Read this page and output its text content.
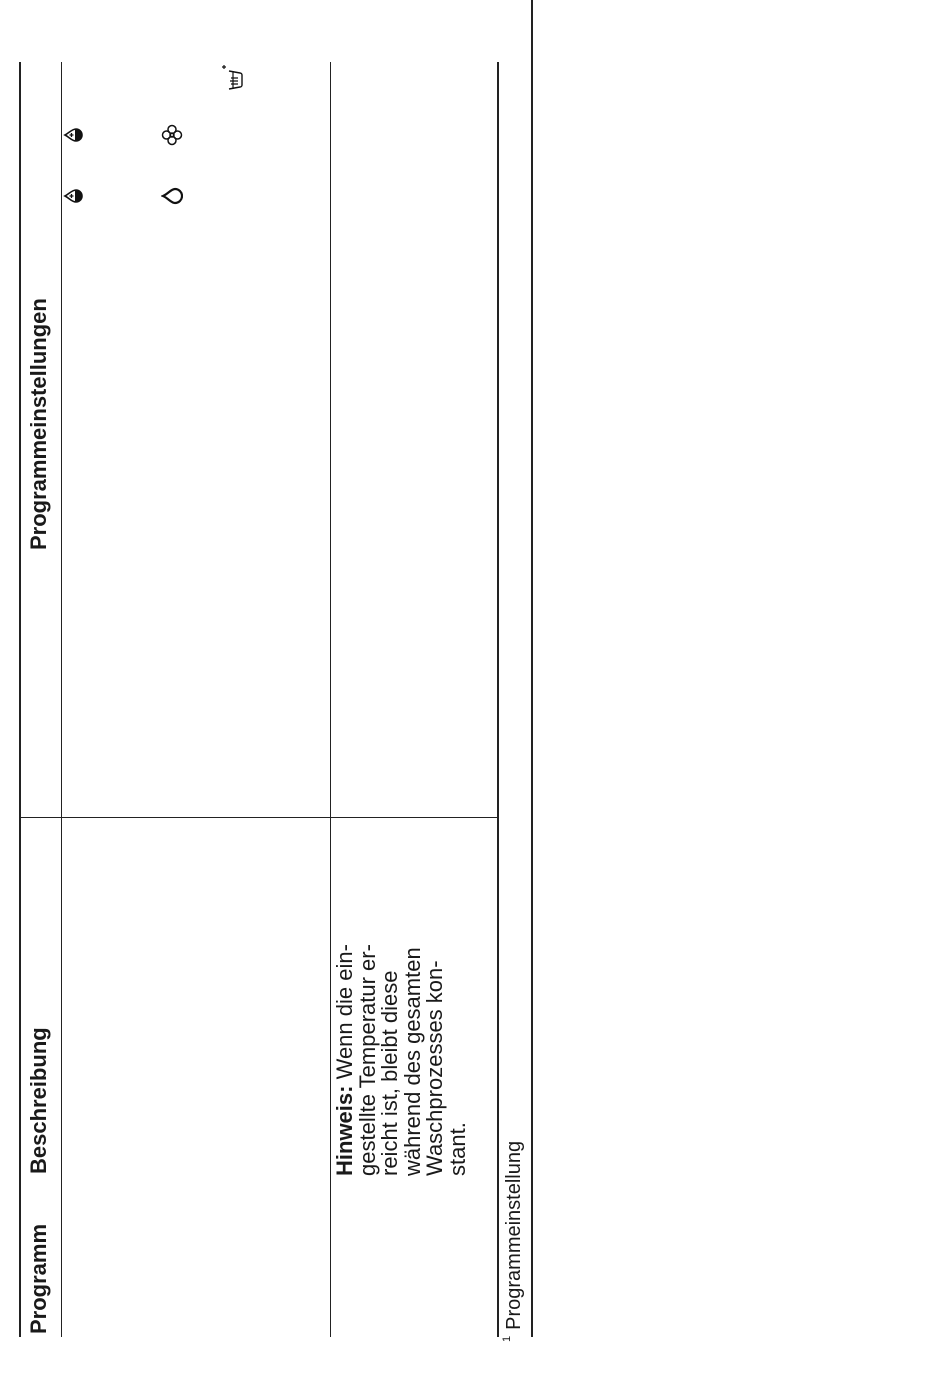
Programm
Beschreibung
Programmeinstellungen
Hinweis: Wenn die ein-
gestellte Temperatur er-
reicht ist, bleibt diese
während des gesamten
Waschprozesses kon-
stant.
$^1$Programmeinstellung
